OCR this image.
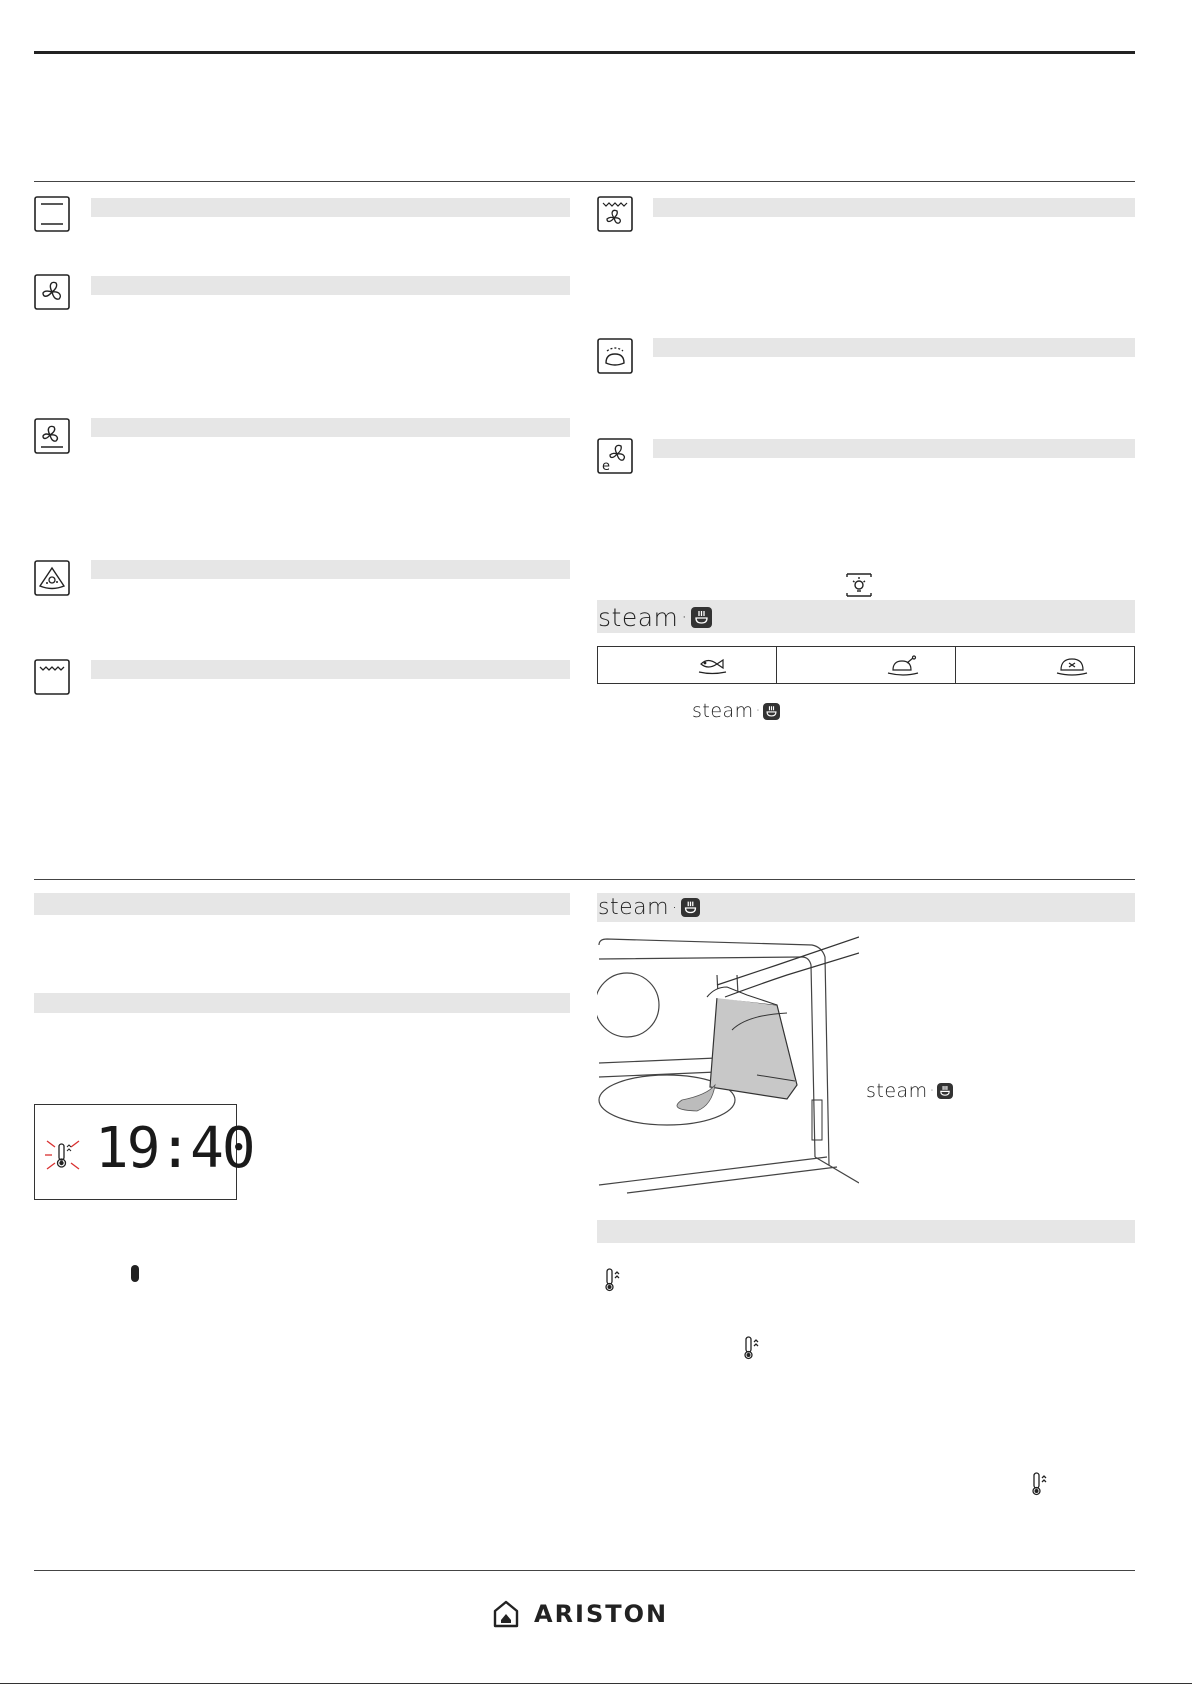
e
steam ·
steam ·
19:40
steam ·
steam ·
ARISTON
